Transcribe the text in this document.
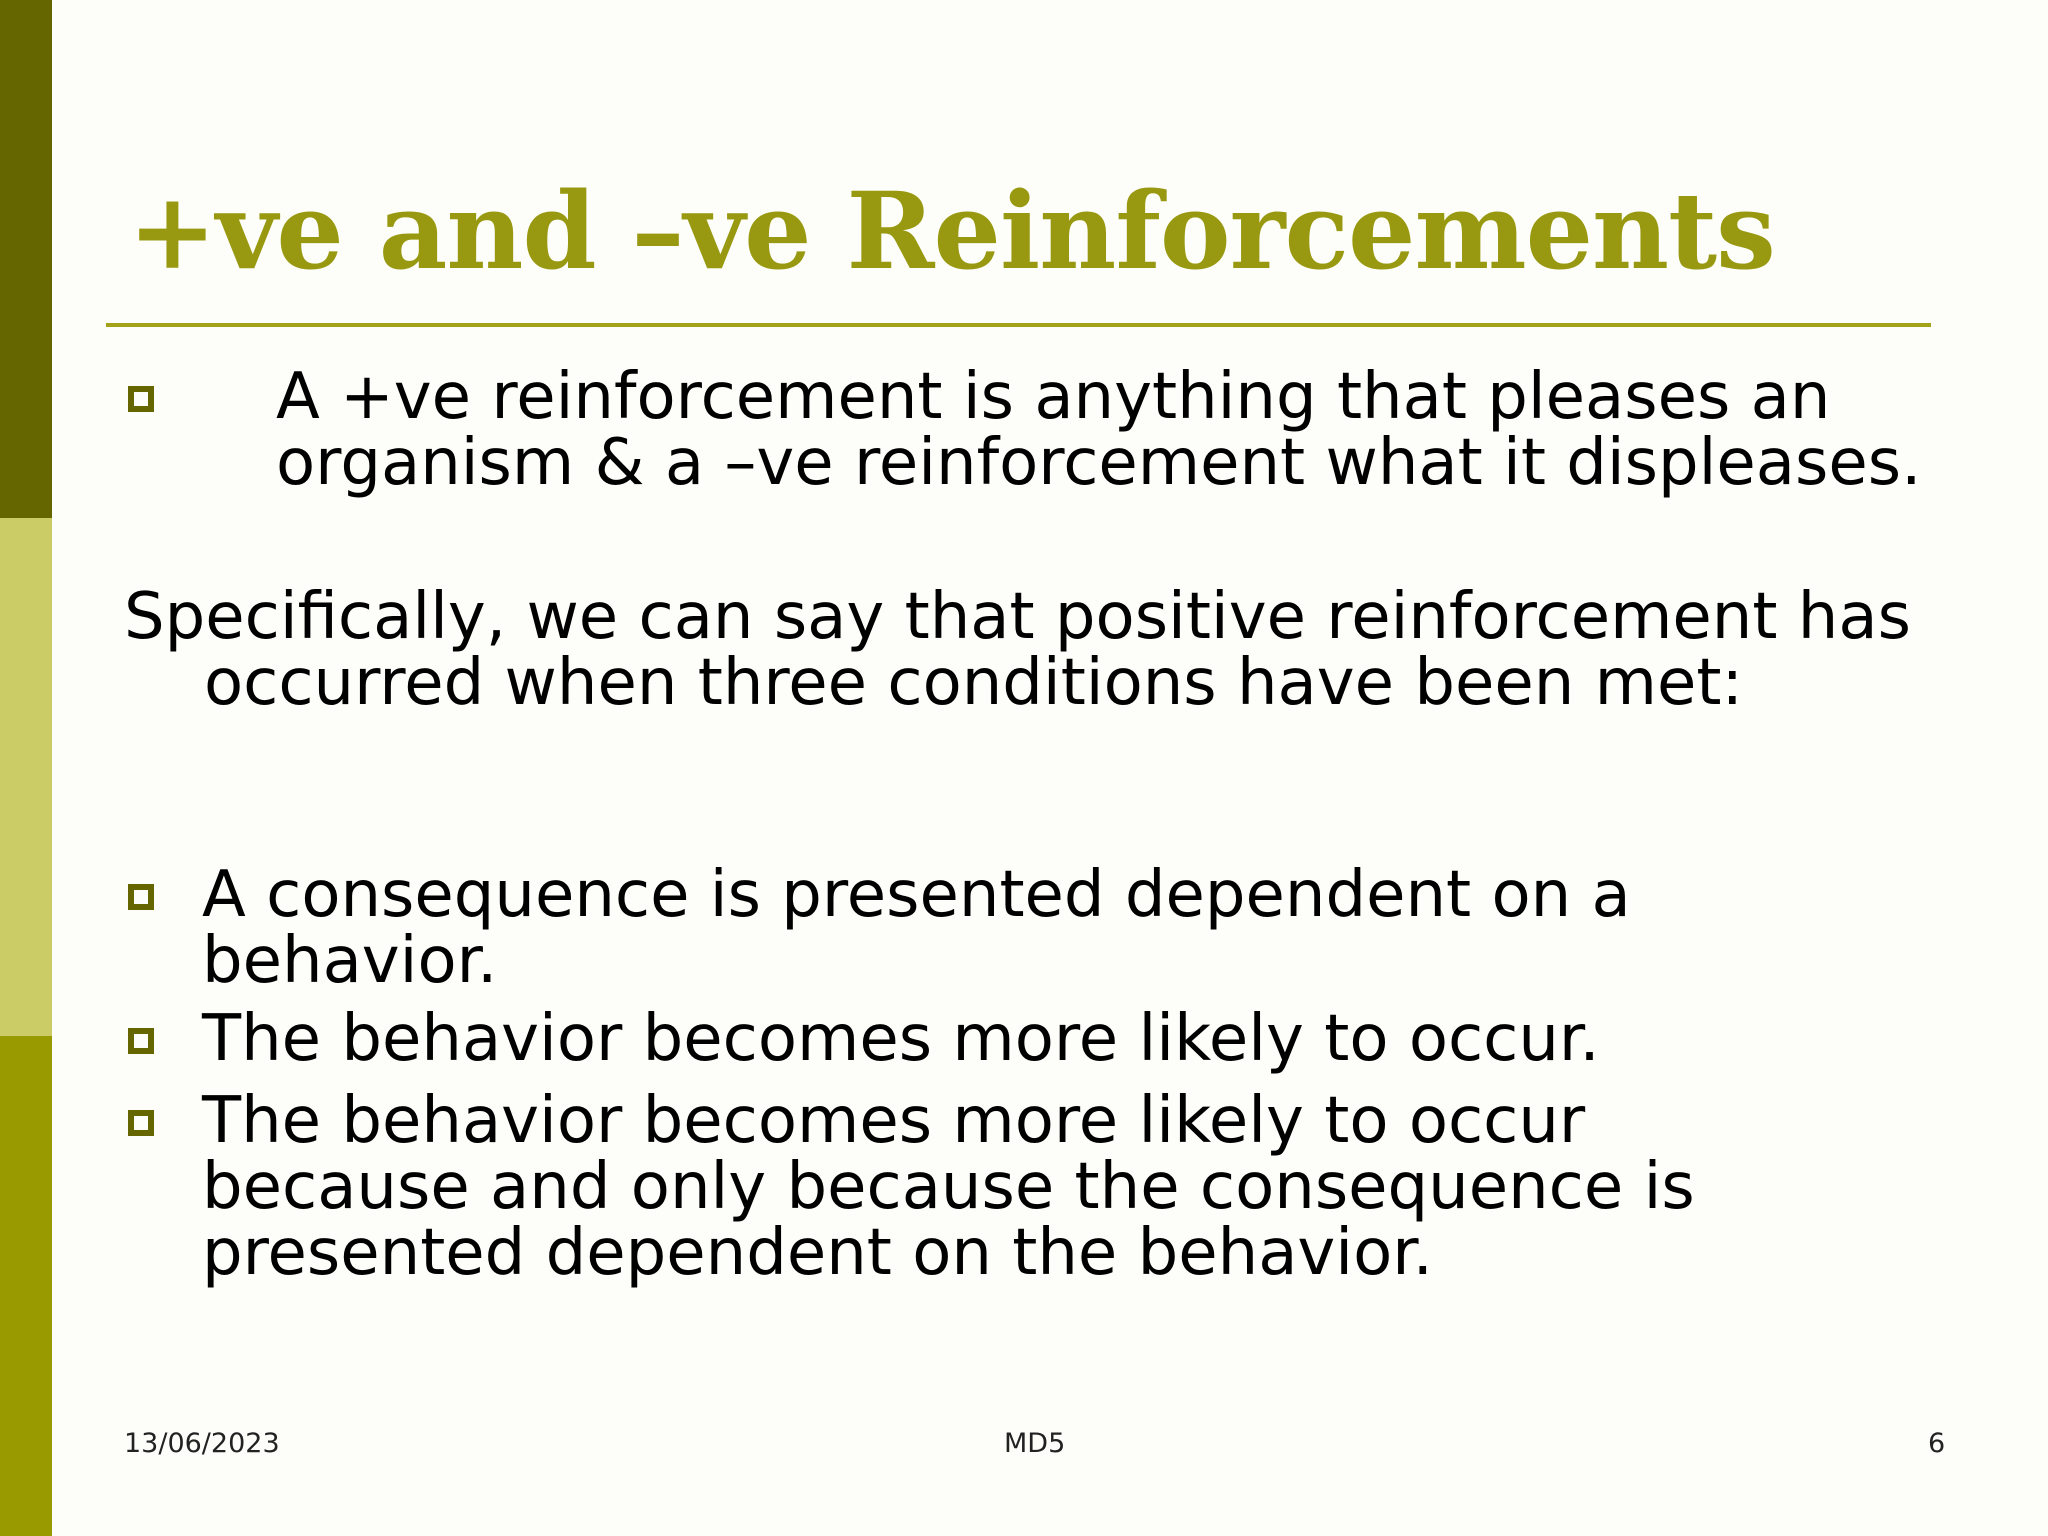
+ve and –ve Reinforcements
A +ve reinforcement is anything that pleases an organism & a –ve reinforcement what it displeases.
Specifically, we can say that positive reinforcement has occurred when three conditions have been met:
A consequence is presented dependent on a behavior.
The behavior becomes more likely to occur.
The behavior becomes more likely to occur because and only because the consequence is presented dependent on the behavior.
13/06/2023	MD5	6
